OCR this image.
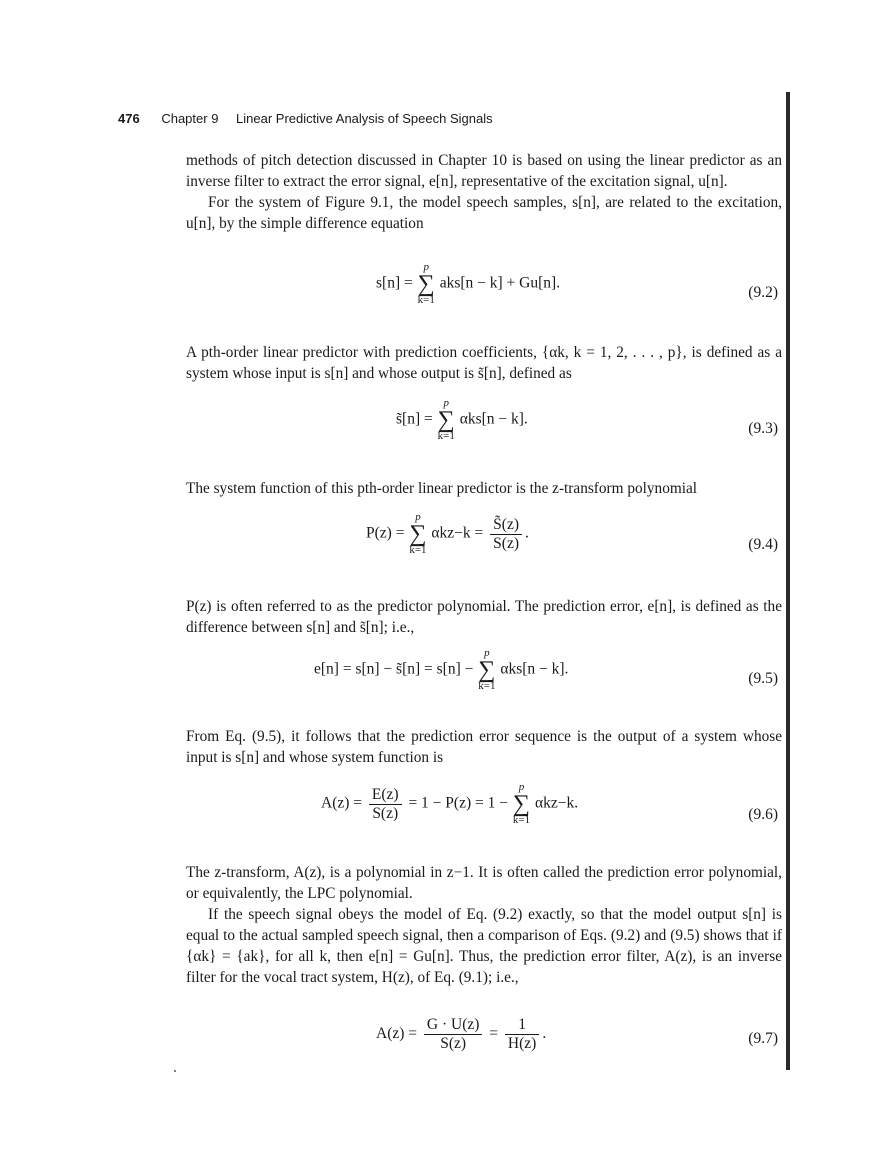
476 Chapter 9 Linear Predictive Analysis of Speech Signals

methods of pitch detection discussed in Chapter 10 is based on using the linear predictor as an inverse filter to extract the error signal, e[n], representative of the excitation signal, u[n].

For the system of Figure 9.1, the model speech samples, s[n], are related to the excitation, u[n], by the simple difference equation

s[n] =
p
∑
k=1
aks[n − k] + Gu[n].
(9.2)

A pth-order linear predictor with prediction coefficients, {αk, k = 1, 2, . . . , p}, is defined as a system whose input is s[n] and whose output is s̃[n], defined as

s̃[n] =
p
∑
k=1
αks[n − k].
(9.3)

The system function of this pth-order linear predictor is the z-transform polynomial

P(z) =
p
∑
k=1
$\alpha kz-k = \frac{S̃(z)}{S(z)}$ .
(9.4)

P(z) is often referred to as the predictor polynomial. The prediction error, e[n], is defined as the difference between s[n] and s̃[n]; i.e.,

e[n] = s[n] − s̃[n] = s[n] −
p
∑
k=1
αks[n − k].
(9.5)

From Eq. (9.5), it follows that the prediction error sequence is the output of a system whose input is s[n] and whose system function is

$A(z) = \frac{E(z)}{S(z)} = 1 - P(z) = 1$ −
p
∑
k=1
αkz−k.
(9.6)

The z-transform, A(z), is a polynomial in z−1. It is often called the prediction error polynomial, or equivalently, the LPC polynomial.

If the speech signal obeys the model of Eq. (9.2) exactly, so that the model output s[n] is equal to the actual sampled speech signal, then a comparison of Eqs. (9.2) and (9.5) shows that if {αk} = {ak}, for all k, then e[n] = Gu[n]. Thus, the prediction error filter, A(z), is an inverse filter for the vocal tract system, H(z), of Eq. (9.1); i.e.,

$A(z) = \frac{G \cdot U(z)}{S(z)} = \frac{1}{H(z)}$ .	(9.7)
